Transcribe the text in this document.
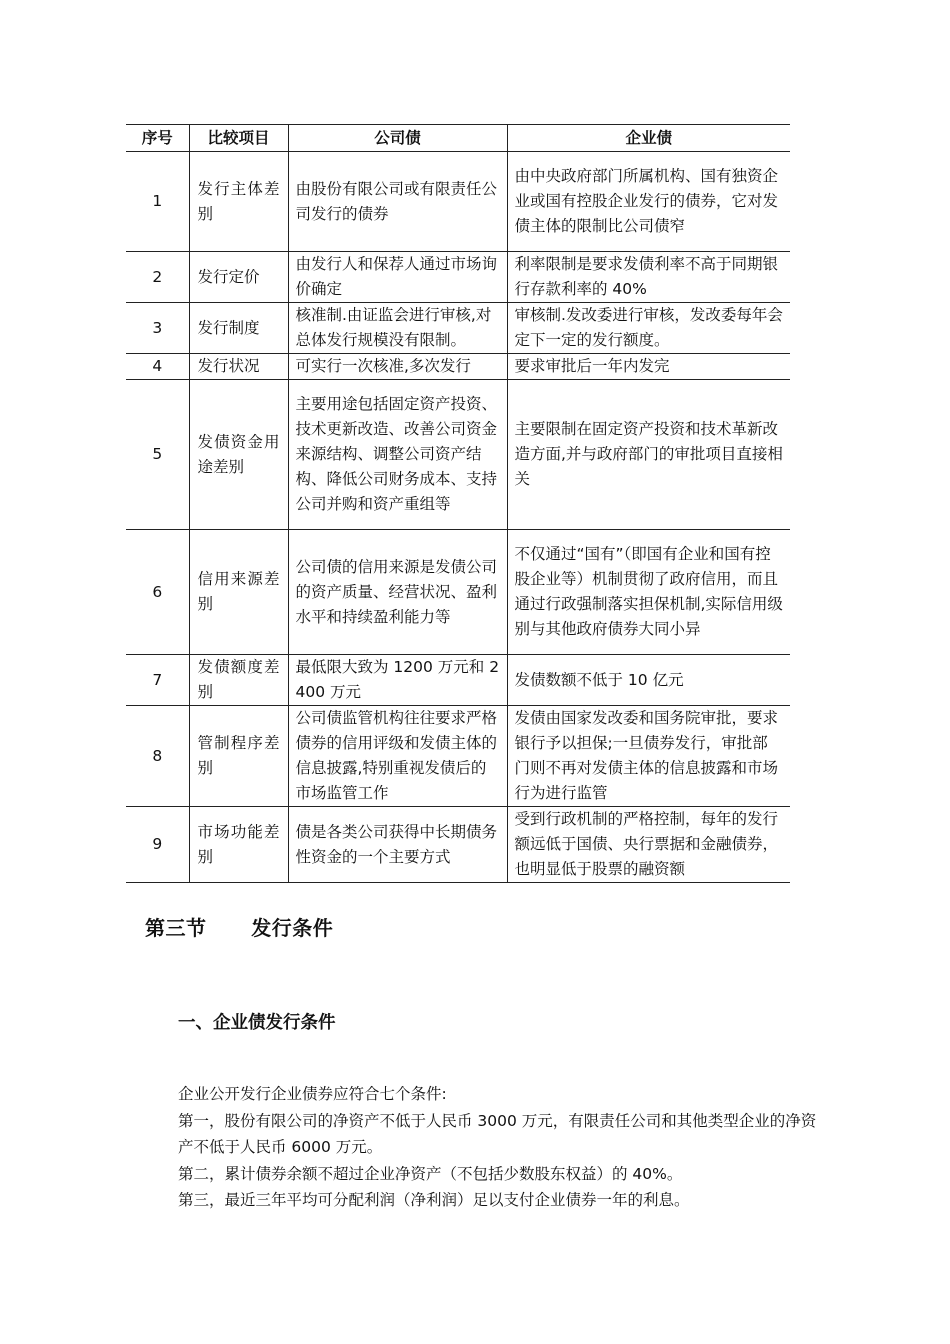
序号	比较项目	公司债	企业债
1	发行主体差别	由股份有限公司或有限责任公司发行的债券	由中央政府部门所属机构、国有独资企业或国有控股企业发行的债券，它对发债主体的限制比公司债窄
2	发行定价	由发行人和保荐人通过市场询价确定	利率限制是要求发债利率不高于同期银行存款利率的 40%
3	发行制度	核准制.由证监会进行审核,对总体发行规模没有限制。	审核制.发改委进行审核，发改委每年会定下一定的发行额度。
4	发行状况	可实行一次核准,多次发行	要求审批后一年内发完
5	发债资金用途差别	主要用途包括固定资产投资、技术更新改造、改善公司资金来源结构、调整公司资产结构、降低公司财务成本、支持公司并购和资产重组等	主要限制在固定资产投资和技术革新改造方面,并与政府部门的审批项目直接相关
6	信用来源差别	公司债的信用来源是发债公司的资产质量、经营状况、盈利水平和持续盈利能力等	不仅通过“国有”（即国有企业和国有控股企业等）机制贯彻了政府信用，而且通过行政强制落实担保机制,实际信用级别与其他政府债券大同小异
7	发债额度差别	最低限大致为 1200 万元和 2400 万元	发债数额不低于 10 亿元
8	管制程序差别	公司债监管机构往往要求严格债券的信用评级和发债主体的信息披露,特别重视发债后的市场监管工作	发债由国家发改委和国务院审批，要求银行予以担保;一旦债券发行，审批部门则不再对发债主体的信息披露和市场行为进行监管
9	市场功能差别	债是各类公司获得中长期债务性资金的一个主要方式	受到行政机制的严格控制，每年的发行额远低于国债、央行票据和金融债券，也明显低于股票的融资额
第三节      发行条件
一、企业债发行条件

企业公开发行企业债券应符合七个条件:

第一，股份有限公司的净资产不低于人民币 3000 万元，有限责任公司和其他类型企业的净资产不低于人民币 6000 万元。

第二，累计债券余额不超过企业净资产（不包括少数股东权益）的 40%。

第三，最近三年平均可分配利润（净利润）足以支付企业债券一年的利息。
